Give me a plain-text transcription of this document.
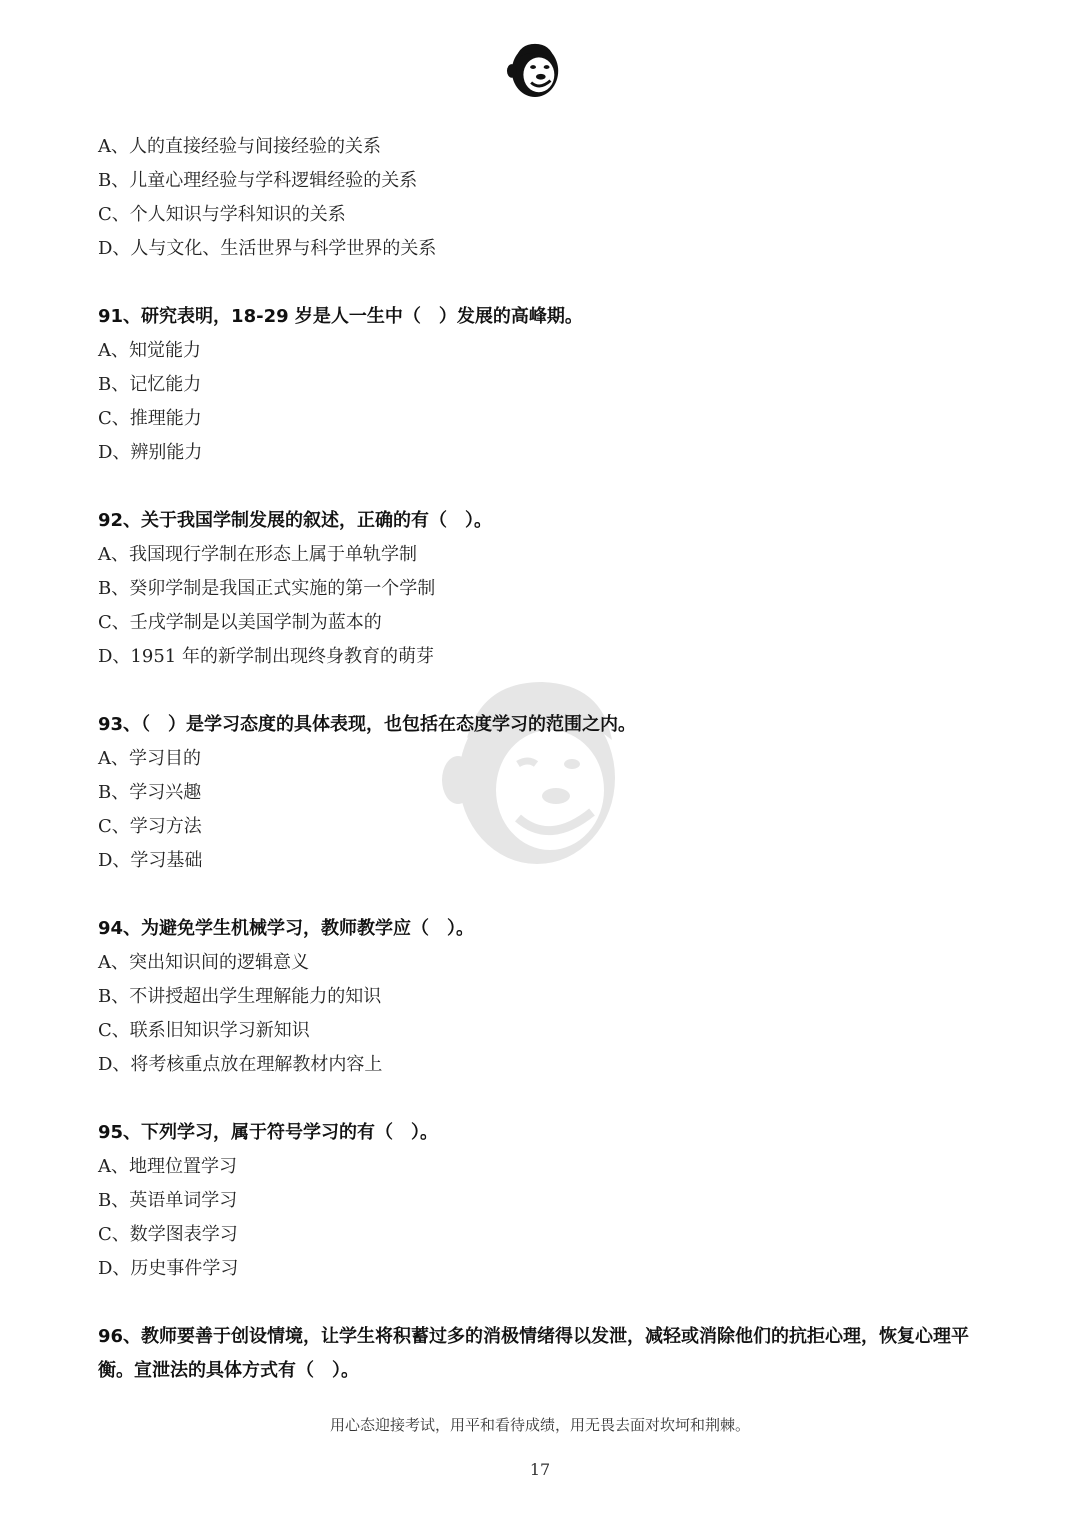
A、人的直接经验与间接经验的关系
B、儿童心理经验与学科逻辑经验的关系
C、个人知识与学科知识的关系
D、人与文化、生活世界与科学世界的关系
91、研究表明，18-29 岁是人一生中（　）发展的高峰期。
A、知觉能力
B、记忆能力
C、推理能力
D、辨别能力
92、关于我国学制发展的叙述，正确的有（　）。
A、我国现行学制在形态上属于单轨学制
B、癸卯学制是我国正式实施的第一个学制
C、壬戌学制是以美国学制为蓝本的
D、1951 年的新学制出现终身教育的萌芽
93、（　）是学习态度的具体表现，也包括在态度学习的范围之内。
A、学习目的
B、学习兴趣
C、学习方法
D、学习基础
94、为避免学生机械学习，教师教学应（　）。
A、突出知识间的逻辑意义
B、不讲授超出学生理解能力的知识
C、联系旧知识学习新知识
D、将考核重点放在理解教材内容上
95、下列学习，属于符号学习的有（　）。
A、地理位置学习
B、英语单词学习
C、数学图表学习
D、历史事件学习
96、教师要善于创设情境，让学生将积蓄过多的消极情绪得以发泄，减轻或消除他们的抗拒心理，恢复心理平衡。宣泄法的具体方式有（　）。
用心态迎接考试，用平和看待成绩，用无畏去面对坎坷和荆棘。
17
